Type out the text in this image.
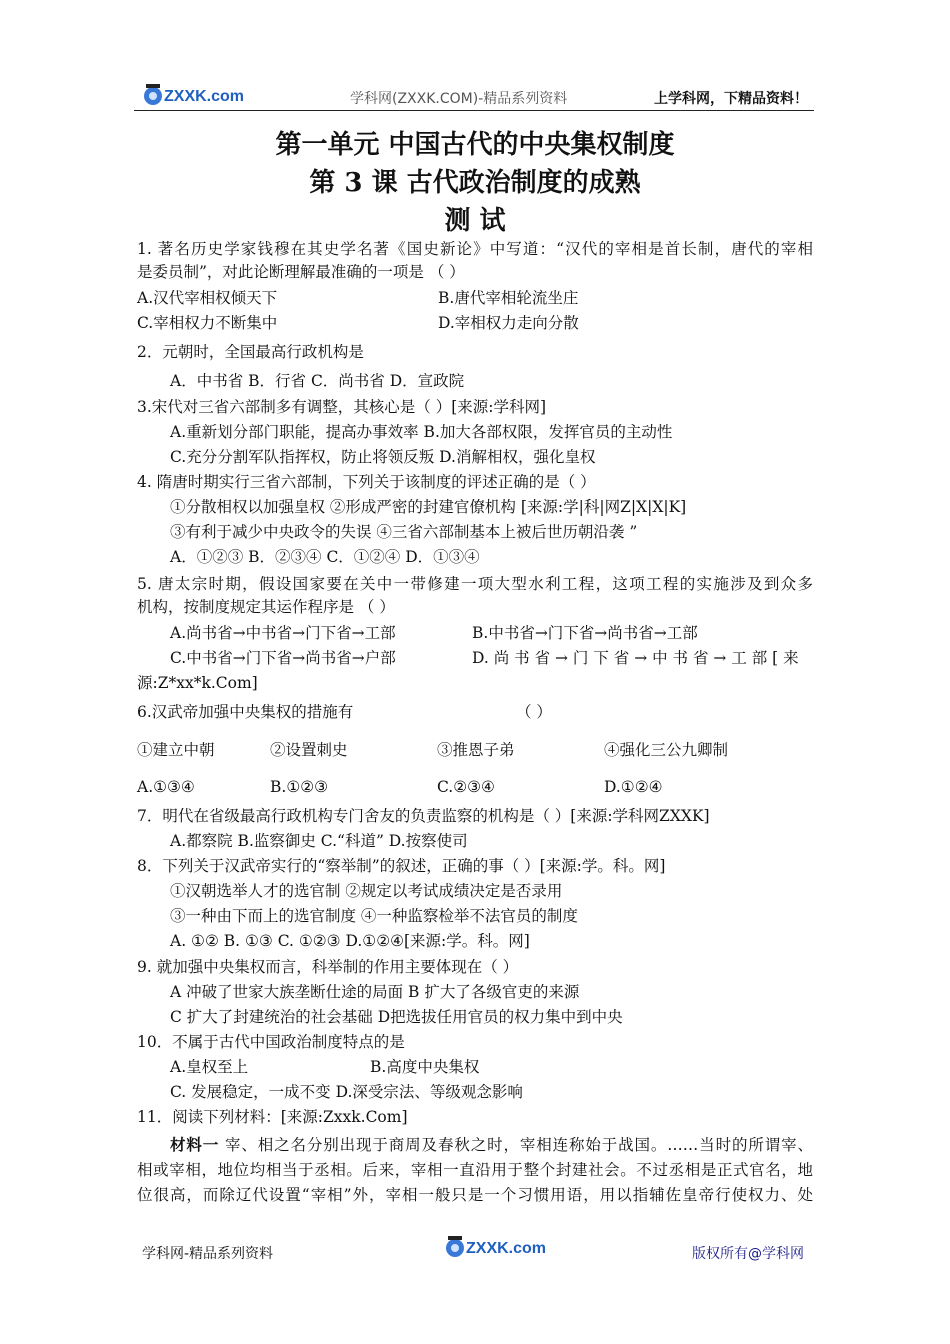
ZXXK.com	学科网(ZXXK.COM)-精品系列资料	上学科网，下精品资料！
第一单元 中国古代的中央集权制度
第 3 课 古代政治制度的成熟
测 试
1. 著名历史学家钱穆在其史学名著《国史新论》中写道：“汉代的宰相是首长制，唐代的宰相
是委员制”，对此论断理解最准确的一项是 （ ）
A.汉代宰相权倾天下	B.唐代宰相轮流坐庄
C.宰相权力不断集中	D.宰相权力走向分散
2．元朝时，全国最高行政机构是
A．中书省 B．行省 C．尚书省 D．宣政院
3.宋代对三省六部制多有调整，其核心是（ ）[来源:学科网]
A.重新划分部门职能，提高办事效率 B.加大各部权限，发挥官员的主动性
C.充分分割军队指挥权，防止将领反叛 D.消解相权，强化皇权
4. 隋唐时期实行三省六部制，下列关于该制度的评述正确的是（ ）
①分散相权以加强皇权 ②形成严密的封建官僚机构 [来源:学|科|网Z|X|X|K]
③有利于减少中央政令的失误 ④三省六部制基本上被后世历朝沿袭 ”
A．①②③ B．②③④ C．①②④ D．①③④
5. 唐太宗时期，假设国家要在关中一带修建一项大型水利工程，这项工程的实施涉及到众多
机构，按制度规定其运作程序是 （ ）
A.尚书省→中书省→门下省→工部	B.中书省→门下省→尚书省→工部
C.中书省→门下省→尚书省→户部	D. 尚 书 省 → 门 下 省 → 中 书 省 → 工 部 [ 来
源:Z*xx*k.Com]
6.汉武帝加强中央集权的措施有	（ ）
①建立中朝	②设置刺史	③推恩子弟	④强化三公九卿制
A.①③④	B.①②③	C.②③④	D.①②④
7．明代在省级最高行政机构专门舍友的负责监察的机构是（ ）[来源:学科网ZXXK]
A.都察院 B.监察御史 C.“科道” D.按察使司
8．下列关于汉武帝实行的“察举制”的叙述，正确的事（ ）[来源:学。科。网]
①汉朝选举人才的选官制 ②规定以考试成绩决定是否录用
③一种由下而上的选官制度 ④一种监察检举不法官员的制度
A. ①② B. ①③ C. ①②③ D.①②④[来源:学。科。网]
9. 就加强中央集权而言，科举制的作用主要体现在（ ）
A 冲破了世家大族垄断仕途的局面 B 扩大了各级官吏的来源
C 扩大了封建统治的社会基础 D把选拔任用官员的权力集中到中央
10．不属于古代中国政治制度特点的是
A.皇权至上	B.高度中央集权
C. 发展稳定，一成不变 D.深受宗法、等级观念影响
11．阅读下列材料：[来源:Zxxk.Com]
材料一 宰、相之名分别出现于商周及春秋之时，宰相连称始于战国。……当时的所谓宰、
相或宰相，地位均相当于丞相。后来，宰相一直沿用于整个封建社会。不过丞相是正式官名，地
位很高，而除辽代设置“宰相”外，宰相一般只是一个习惯用语，用以指辅佐皇帝行使权力、处
学科网-精品系列资料	ZXXK.com	版权所有@学科网
